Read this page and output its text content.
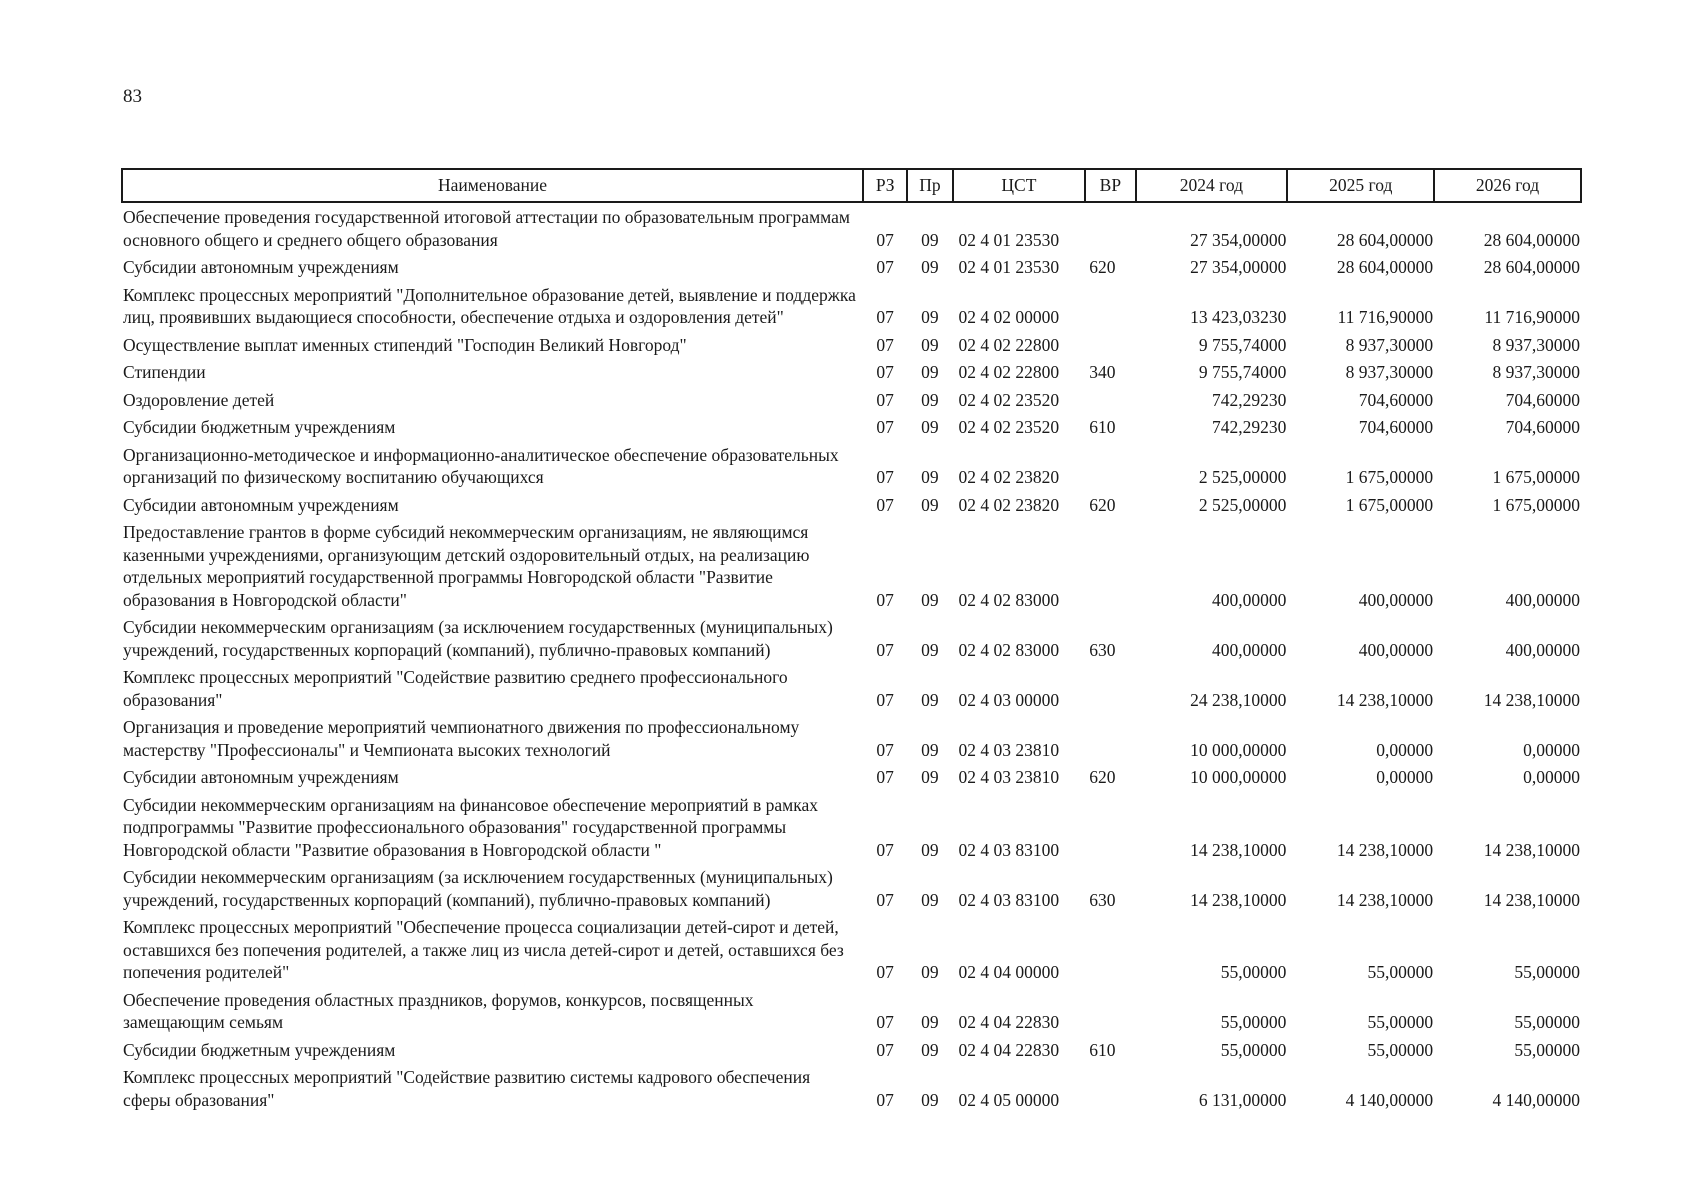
83
Наименование	РЗ	Пр	ЦСТ	ВР	2024 год	2025 год	2026 год
Обеспечение проведения государственной итоговой аттестации по образовательным программам основного общего и среднего общего образования	07	09	02 4 01 23530		27 354,00000	28 604,00000	28 604,00000
Субсидии автономным учреждениям	07	09	02 4 01 23530	620	27 354,00000	28 604,00000	28 604,00000
Комплекс процессных мероприятий "Дополнительное образование детей, выявление и поддержка лиц, проявивших выдающиеся способности, обеспечение отдыха и оздоровления детей"	07	09	02 4 02 00000		13 423,03230	11 716,90000	11 716,90000
Осуществление выплат именных стипендий "Господин Великий Новгород"	07	09	02 4 02 22800		9 755,74000	8 937,30000	8 937,30000
Стипендии	07	09	02 4 02 22800	340	9 755,74000	8 937,30000	8 937,30000
Оздоровление детей	07	09	02 4 02 23520		742,29230	704,60000	704,60000
Субсидии бюджетным учреждениям	07	09	02 4 02 23520	610	742,29230	704,60000	704,60000
Организационно-методическое и информационно-аналитическое обеспечение образовательных организаций по физическому воспитанию обучающихся	07	09	02 4 02 23820		2 525,00000	1 675,00000	1 675,00000
Субсидии автономным учреждениям	07	09	02 4 02 23820	620	2 525,00000	1 675,00000	1 675,00000
Предоставление грантов в форме субсидий некоммерческим организациям, не являющимся казенными учреждениями, организующим детский оздоровительный отдых, на реализацию отдельных мероприятий государственной программы Новгородской области "Развитие образования в Новгородской области"	07	09	02 4 02 83000		400,00000	400,00000	400,00000
Субсидии некоммерческим организациям (за исключением государственных (муниципальных) учреждений, государственных корпораций (компаний), публично-правовых компаний)	07	09	02 4 02 83000	630	400,00000	400,00000	400,00000
Комплекс процессных мероприятий "Содействие развитию среднего профессионального образования"	07	09	02 4 03 00000		24 238,10000	14 238,10000	14 238,10000
Организация и проведение мероприятий чемпионатного движения по профессиональному мастерству "Профессионалы" и Чемпионата высоких технологий	07	09	02 4 03 23810		10 000,00000	0,00000	0,00000
Субсидии автономным учреждениям	07	09	02 4 03 23810	620	10 000,00000	0,00000	0,00000
Субсидии некоммерческим организациям на финансовое обеспечение мероприятий в рамках подпрограммы "Развитие профессионального образования" государственной программы Новгородской области "Развитие образования в Новгородской области "	07	09	02 4 03 83100		14 238,10000	14 238,10000	14 238,10000
Субсидии некоммерческим организациям (за исключением государственных (муниципальных) учреждений, государственных корпораций (компаний), публично-правовых компаний)	07	09	02 4 03 83100	630	14 238,10000	14 238,10000	14 238,10000
Комплекс процессных мероприятий "Обеспечение процесса социализации детей-сирот и детей, оставшихся без попечения родителей, а также лиц из числа детей-сирот и детей, оставшихся без попечения родителей"	07	09	02 4 04 00000		55,00000	55,00000	55,00000
Обеспечение проведения областных праздников, форумов, конкурсов, посвященных замещающим семьям	07	09	02 4 04 22830		55,00000	55,00000	55,00000
Субсидии бюджетным учреждениям	07	09	02 4 04 22830	610	55,00000	55,00000	55,00000
Комплекс процессных мероприятий "Содействие развитию системы кадрового обеспечения сферы образования"	07	09	02 4 05 00000		6 131,00000	4 140,00000	4 140,00000
